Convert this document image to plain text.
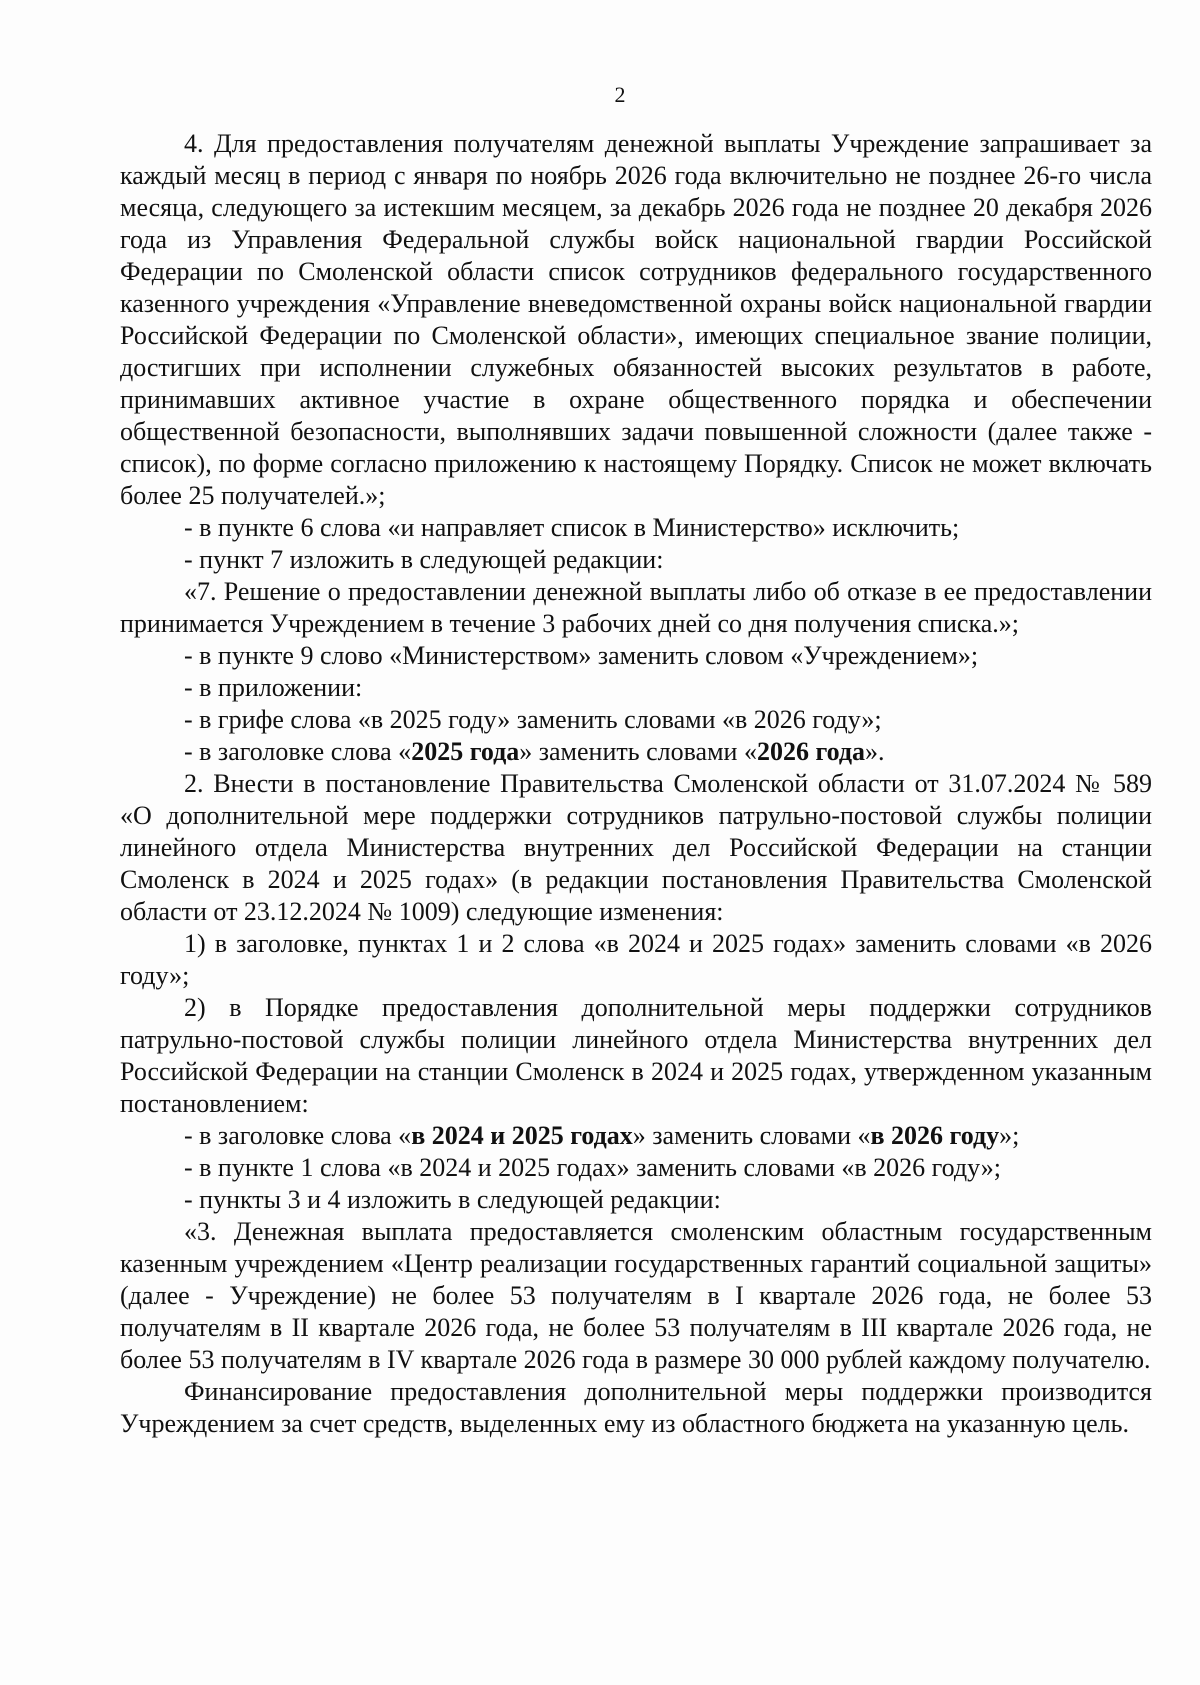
2

4. Для предоставления получателям денежной выплаты Учреждение запрашивает за каждый месяц в период с января по ноябрь 2026 года включительно не позднее 26-го числа месяца, следующего за истекшим месяцем, за декабрь 2026 года не позднее 20 декабря 2026 года из Управления Федеральной службы войск национальной гвардии Российской Федерации по Смоленской области список сотрудников федерального государственного казенного учреждения «Управление вневедомственной охраны войск национальной гвардии Российской Федерации по Смоленской области», имеющих специальное звание полиции, достигших при исполнении служебных обязанностей высоких результатов в работе, принимавших активное участие в охране общественного порядка и обеспечении общественной безопасности, выполнявших задачи повышенной сложности (далее также - список), по форме согласно приложению к настоящему Порядку. Список не может включать более 25 получателей.»;

- в пункте 6 слова «и направляет список в Министерство» исключить;

- пункт 7 изложить в следующей редакции:

«7. Решение о предоставлении денежной выплаты либо об отказе в ее предоставлении принимается Учреждением в течение 3 рабочих дней со дня получения списка.»;

- в пункте 9 слово «Министерством» заменить словом «Учреждением»;

- в приложении:

- в грифе слова «в 2025 году» заменить словами «в 2026 году»;

- в заголовке слова «2025 года» заменить словами «2026 года».

2. Внести в постановление Правительства Смоленской области от 31.07.2024 № 589 «О дополнительной мере поддержки сотрудников патрульно-постовой службы полиции линейного отдела Министерства внутренних дел Российской Федерации на станции Смоленск в 2024 и 2025 годах» (в редакции постановления Правительства Смоленской области от 23.12.2024 № 1009) следующие изменения:

1) в заголовке, пунктах 1 и 2 слова «в 2024 и 2025 годах» заменить словами «в 2026 году»;

2) в Порядке предоставления дополнительной меры поддержки сотрудников патрульно-постовой службы полиции линейного отдела Министерства внутренних дел Российской Федерации на станции Смоленск в 2024 и 2025 годах, утвержденном указанным постановлением:

- в заголовке слова «в 2024 и 2025 годах» заменить словами «в 2026 году»;

- в пункте 1 слова «в 2024 и 2025 годах» заменить словами «в 2026 году»;

- пункты 3 и 4 изложить в следующей редакции:

«3. Денежная выплата предоставляется смоленским областным государственным казенным учреждением «Центр реализации государственных гарантий социальной защиты» (далее - Учреждение) не более 53 получателям в I квартале 2026 года, не более 53 получателям в II квартале 2026 года, не более 53 получателям в III квартале 2026 года, не более 53 получателям в IV квартале 2026 года в размере 30 000 рублей каждому получателю.

Финансирование предоставления дополнительной меры поддержки производится Учреждением за счет средств, выделенных ему из областного бюджета на указанную цель.
